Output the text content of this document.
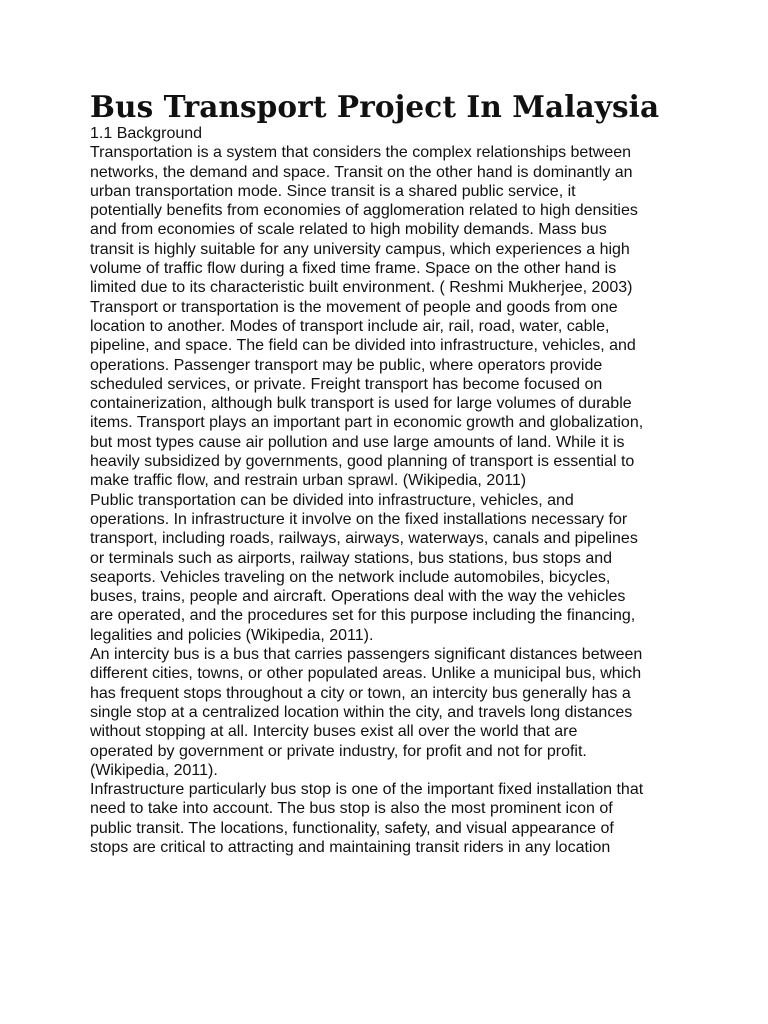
Bus Transport Project In Malaysia
1.1 Background

Transportation is a system that considers the complex relationships between
networks, the demand and space. Transit on the other hand is dominantly an
urban transportation mode. Since transit is a shared public service, it
potentially benefits from economies of agglomeration related to high densities
and from economies of scale related to high mobility demands. Mass bus
transit is highly suitable for any university campus, which experiences a high
volume of traffic flow during a fixed time frame. Space on the other hand is
limited due to its characteristic built environment. ( Reshmi Mukherjee, 2003)

Transport or transportation is the movement of people and goods from one
location to another. Modes of transport include air, rail, road, water, cable,
pipeline, and space. The field can be divided into infrastructure, vehicles, and
operations. Passenger transport may be public, where operators provide
scheduled services, or private. Freight transport has become focused on
containerization, although bulk transport is used for large volumes of durable
items. Transport plays an important part in economic growth and globalization,
but most types cause air pollution and use large amounts of land. While it is
heavily subsidized by governments, good planning of transport is essential to
make traffic flow, and restrain urban sprawl. (Wikipedia, 2011)

Public transportation can be divided into infrastructure, vehicles, and
operations. In infrastructure it involve on the fixed installations necessary for
transport, including roads, railways, airways, waterways, canals and pipelines
or terminals such as airports, railway stations, bus stations, bus stops and
seaports. Vehicles traveling on the network include automobiles, bicycles,
buses, trains, people and aircraft. Operations deal with the way the vehicles
are operated, and the procedures set for this purpose including the financing,
legalities and policies (Wikipedia, 2011).

An intercity bus is a bus that carries passengers significant distances between
different cities, towns, or other populated areas. Unlike a municipal bus, which
has frequent stops throughout a city or town, an intercity bus generally has a
single stop at a centralized location within the city, and travels long distances
without stopping at all. Intercity buses exist all over the world that are
operated by government or private industry, for profit and not for profit.
(Wikipedia, 2011).

Infrastructure particularly bus stop is one of the important fixed installation that
need to take into account. The bus stop is also the most prominent icon of
public transit. The locations, functionality, safety, and visual appearance of
stops are critical to attracting and maintaining transit riders in any location
